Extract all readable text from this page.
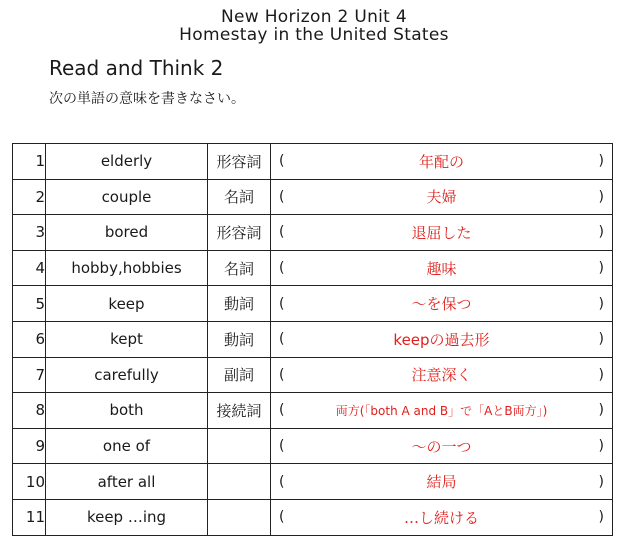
New Horizon 2 Unit 4
Homestay in the United States
Read and Think 2
次の単語の意味を書きなさい。
1	elderly	形容詞	( 年配の )

2	couple	名詞	( 夫婦 )

3	bored	形容詞	( 退屈した )

4	hobby,hobbies	名詞	( 趣味 )

5	keep	動詞	( ～を保つ )

6	kept	動詞	( keepの過去形 )

7	carefully	副詞	( 注意深く )

8	both	接続詞	( 両方(「both A and B」で「AとB両方」) )

9	one of		( ～の一つ )

10	after all		( 結局 )

11	keep …ing		( …し続ける )
